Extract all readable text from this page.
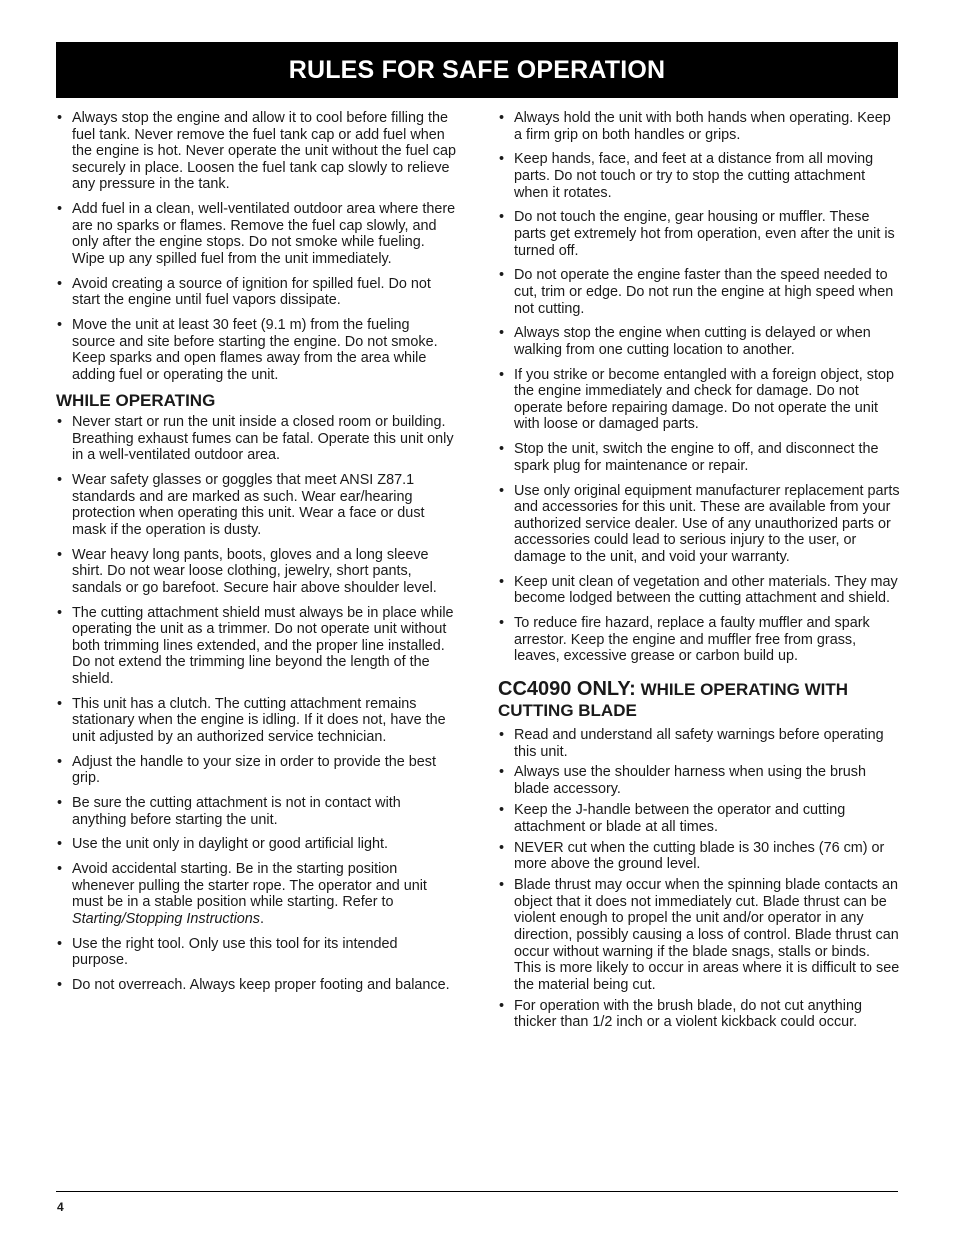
RULES FOR SAFE OPERATION
• Always stop the engine and allow it to cool before filling the fuel tank. Never remove the fuel tank cap or add fuel when the engine is hot. Never operate the unit without the fuel cap securely in place. Loosen the fuel tank cap slowly to relieve any pressure in the tank.
• Add fuel in a clean, well-ventilated outdoor area where there are no sparks or flames. Remove the fuel cap slowly, and only after the engine stops. Do not smoke while fueling. Wipe up any spilled fuel from the unit immediately.
• Avoid creating a source of ignition for spilled fuel. Do not start the engine until fuel vapors dissipate.
• Move the unit at least 30 feet (9.1 m) from the fueling source and site before starting the engine. Do not smoke. Keep sparks and open flames away from the area while adding fuel or operating the unit.
WHILE OPERATING
• Never start or run the unit inside a closed room or building. Breathing exhaust fumes can be fatal. Operate this unit only in a well-ventilated outdoor area.
• Wear safety glasses or goggles that meet ANSI Z87.1 standards and are marked as such. Wear ear/hearing protection when operating this unit. Wear a face or dust mask if the operation is dusty.
• Wear heavy long pants, boots, gloves and a long sleeve shirt. Do not wear loose clothing, jewelry, short pants, sandals or go barefoot. Secure hair above shoulder level.
• The cutting attachment shield must always be in place while operating the unit as a trimmer. Do not operate unit without both trimming lines extended, and the proper line installed. Do not extend the trimming line beyond the length of the shield.
• This unit has a clutch. The cutting attachment remains stationary when the engine is idling. If it does not, have the unit adjusted by an authorized service technician.
• Adjust the handle to your size in order to provide the best grip.
• Be sure the cutting attachment is not in contact with anything before starting the unit.
• Use the unit only in daylight or good artificial light.
• Avoid accidental starting. Be in the starting position whenever pulling the starter rope. The operator and unit must be in a stable position while starting. Refer to Starting/Stopping Instructions.
• Use the right tool. Only use this tool for its intended purpose.
• Do not overreach. Always keep proper footing and balance.
• Always hold the unit with both hands when operating. Keep a firm grip on both handles or grips.
• Keep hands, face, and feet at a distance from all moving parts. Do not touch or try to stop the cutting attachment when it rotates.
• Do not touch the engine, gear housing or muffler. These parts get extremely hot from operation, even after the unit is turned off.
• Do not operate the engine faster than the speed needed to cut, trim or edge. Do not run the engine at high speed when not cutting.
• Always stop the engine when cutting is delayed or when walking from one cutting location to another.
• If you strike or become entangled with a foreign object, stop the engine immediately and check for damage. Do not operate before repairing damage. Do not operate the unit with loose or damaged parts.
• Stop the unit, switch the engine to off, and disconnect the spark plug for maintenance or repair.
• Use only original equipment manufacturer replacement parts and accessories for this unit. These are available from your authorized service dealer. Use of any unauthorized parts or accessories could lead to serious injury to the user, or damage to the unit, and void your warranty.
• Keep unit clean of vegetation and other materials. They may become lodged between the cutting attachment and shield.
• To reduce fire hazard, replace a faulty muffler and spark arrestor. Keep the engine and muffler free from grass, leaves, excessive grease or carbon build up.
CC4090 ONLY: WHILE OPERATING WITH CUTTING BLADE
• Read and understand all safety warnings before operating this unit.
• Always use the shoulder harness when using the brush blade accessory.
• Keep the J-handle between the operator and cutting attachment or blade at all times.
• NEVER cut when the cutting blade is 30 inches (76 cm) or more above the ground level.
• Blade thrust may occur when the spinning blade contacts an object that it does not immediately cut. Blade thrust can be violent enough to propel the unit and/or operator in any direction, possibly causing a loss of control. Blade thrust can occur without warning if the blade snags, stalls or binds. This is more likely to occur in areas where it is difficult to see the material being cut.
• For operation with the brush blade, do not cut anything thicker than 1/2 inch or a violent kickback could occur.
4
